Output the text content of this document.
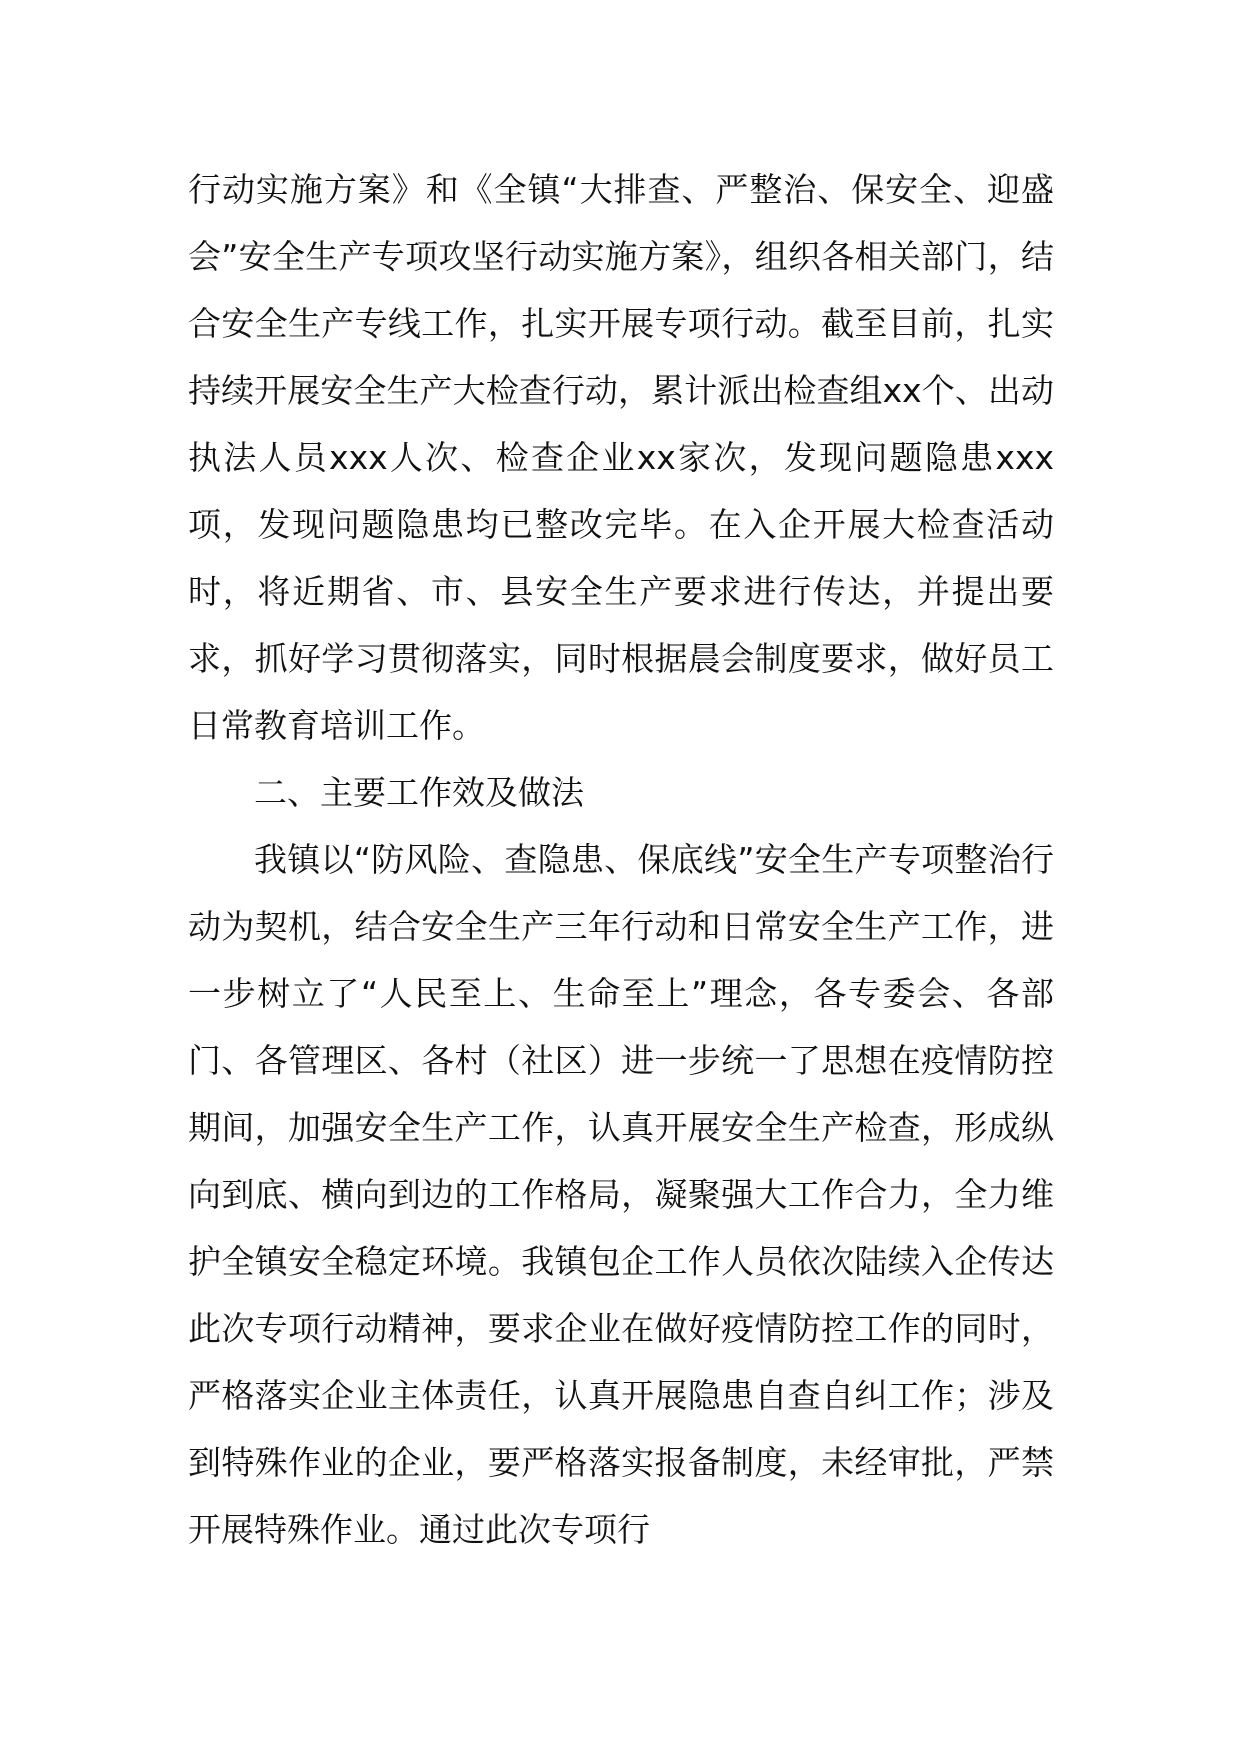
行动实施方案》和《全镇“大排查、严整治、保安全、迎盛会”安全生产专项攻坚行动实施方案》，组织各相关部门，结合安全生产专线工作，扎实开展专项行动。截至目前，扎实持续开展安全生产大检查行动，累计派出检查组xx个、出动执法人员xxx人次、检查企业xx家次，发现问题隐患xxx项，发现问题隐患均已整改完毕。在入企开展大检查活动时，将近期省、市、县安全生产要求进行传达，并提出要求，抓好学习贯彻落实，同时根据晨会制度要求，做好员工日常教育培训工作。

二、主要工作效及做法

我镇以“防风险、查隐患、保底线”安全生产专项整治行动为契机，结合安全生产三年行动和日常安全生产工作，进一步树立了“人民至上、生命至上”理念，各专委会、各部门、各管理区、各村（社区）进一步统一了思想在疫情防控期间，加强安全生产工作，认真开展安全生产检查，形成纵向到底、横向到边的工作格局，凝聚强大工作合力，全力维护全镇安全稳定环境。我镇包企工作人员依次陆续入企传达此次专项行动精神，要求企业在做好疫情防控工作的同时，严格落实企业主体责任，认真开展隐患自查自纠工作；涉及到特殊作业的企业，要严格落实报备制度，未经审批，严禁开展特殊作业。通过此次专项行
